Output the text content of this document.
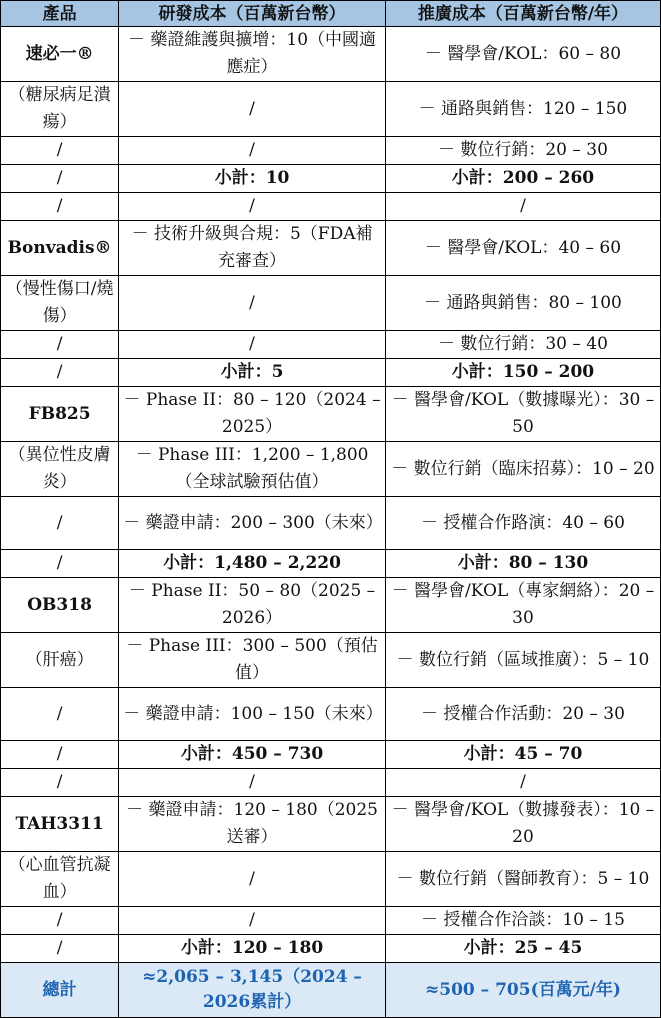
產品	研發成本（百萬新台幣）	推廣成本（百萬新台幣/年）
速必一®	－ 藥證維護與擴增：10（中國適應症）	－ 醫學會/KOL：60 – 80
（糖尿病足潰瘍）	/	－ 通路與銷售：120 – 150
/	/	－ 數位行銷：20 – 30
/	小計：10	小計：200 – 260
/	/	/
Bonvadis®	－ 技術升級與合規：5（FDA補充審查）	－ 醫學會/KOL：40 – 60
（慢性傷口/燒傷）	/	－ 通路與銷售：80 – 100
/	/	－ 數位行銷：30 – 40
/	小計：5	小計：150 – 200
FB825	－ Phase II：80 – 120（2024 – 2025）	－ 醫學會/KOL（數據曝光）：30 – 50
（異位性皮膚炎）	－ Phase III：1,200 – 1,800（全球試驗預估值）	－ 數位行銷（臨床招募）：10 – 20
/	－ 藥證申請：200 – 300（未來）	－ 授權合作路演：40 – 60
/	小計：1,480 – 2,220	小計：80 – 130
OB318	－ Phase II：50 – 80（2025 – 2026）	－ 醫學會/KOL（專家網絡）：20 – 30
（肝癌）	－ Phase III：300 – 500（預估值）	－ 數位行銷（區域推廣）：5 – 10
/	－ 藥證申請：100 – 150（未來）	－ 授權合作活動：20 – 30
/	小計：450 – 730	小計：45 – 70
/	/	/
TAH3311	－ 藥證申請：120 – 180（2025送審）	－ 醫學會/KOL（數據發表）：10 – 20
（心血管抗凝血）	/	－ 數位行銷（醫師教育）：5 – 10
/	/	－ 授權合作洽談：10 – 15
/	小計：120 – 180	小計：25 – 45
總計	≈2,065 – 3,145（2024 – 2026累計）	≈500 – 705(百萬元/年)
